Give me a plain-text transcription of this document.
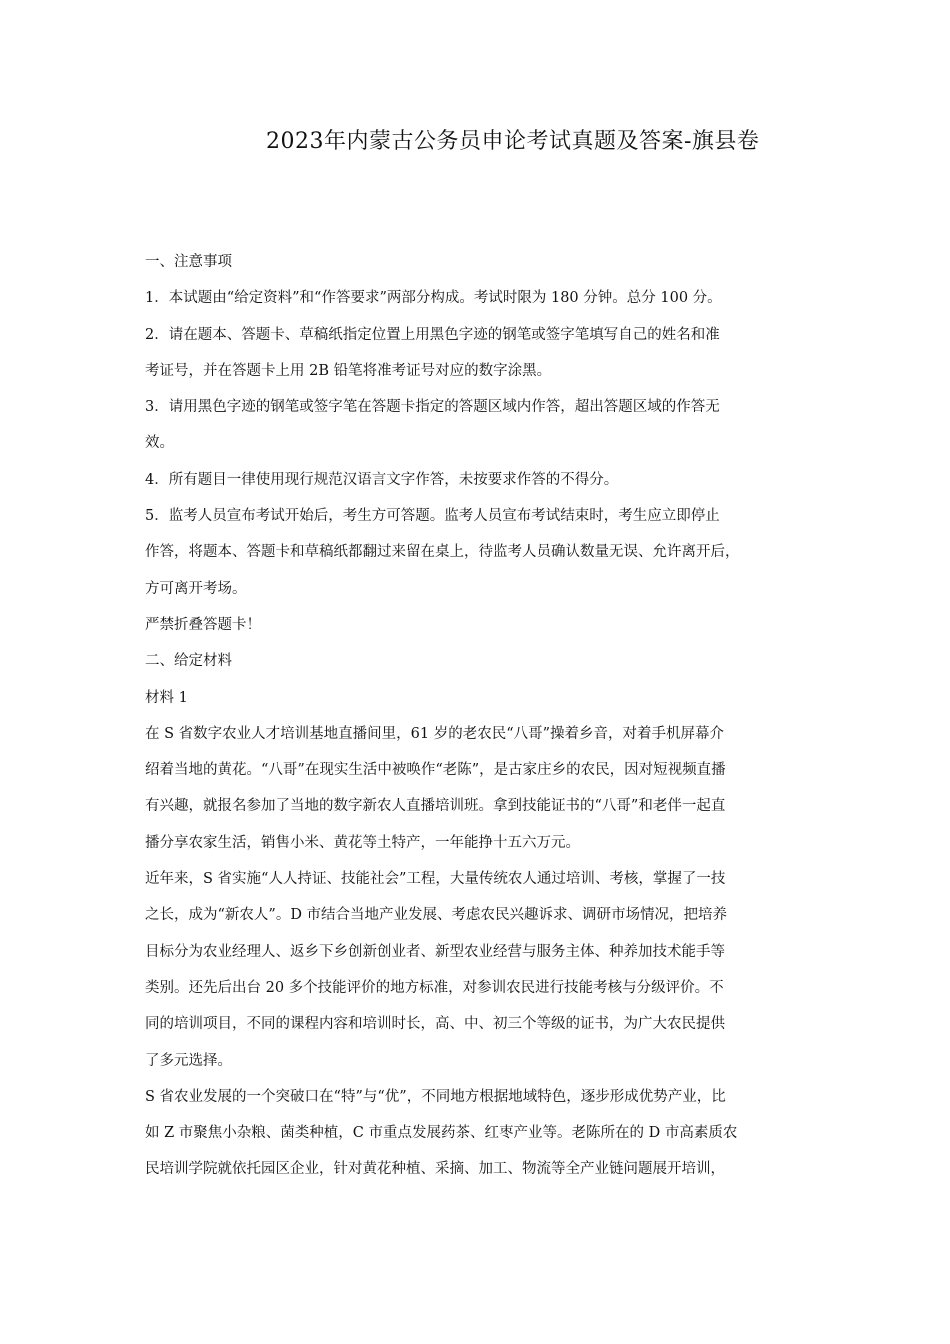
2023年内蒙古公务员申论考试真题及答案-旗县卷
一、注意事项
1．本试题由“给定资料”和“作答要求”两部分构成。考试时限为 180 分钟。总分 100 分。
2．请在题本、答题卡、草稿纸指定位置上用黑色字迹的钢笔或签字笔填写自己的姓名和准
考证号，并在答题卡上用 2B 铅笔将准考证号对应的数字涂黑。
3．请用黑色字迹的钢笔或签字笔在答题卡指定的答题区域内作答，超出答题区域的作答无
效。
4．所有题目一律使用现行规范汉语言文字作答，未按要求作答的不得分。
5．监考人员宣布考试开始后，考生方可答题。监考人员宣布考试结束时，考生应立即停止
作答，将题本、答题卡和草稿纸都翻过来留在桌上，待监考人员确认数量无误、允许离开后，
方可离开考场。
严禁折叠答题卡！
二、给定材料
材料 1
在 S 省数字农业人才培训基地直播间里，61 岁的老农民“八哥”操着乡音，对着手机屏幕介
绍着当地的黄花。“八哥”在现实生活中被唤作“老陈”，是古家庄乡的农民，因对短视频直播
有兴趣，就报名参加了当地的数字新农人直播培训班。拿到技能证书的“八哥”和老伴一起直
播分享农家生活，销售小米、黄花等土特产，一年能挣十五六万元。
近年来，S 省实施“人人持证、技能社会”工程，大量传统农人通过培训、考核，掌握了一技
之长，成为“新农人”。D 市结合当地产业发展、考虑农民兴趣诉求、调研市场情况，把培养
目标分为农业经理人、返乡下乡创新创业者、新型农业经营与服务主体、种养加技术能手等
类别。还先后出台 20 多个技能评价的地方标准，对参训农民进行技能考核与分级评价。不
同的培训项目，不同的课程内容和培训时长，高、中、初三个等级的证书，为广大农民提供
了多元选择。
S 省农业发展的一个突破口在“特”与“优”，不同地方根据地域特色，逐步形成优势产业，比
如 Z 市聚焦小杂粮、菌类种植，C 市重点发展药茶、红枣产业等。老陈所在的 D 市高素质农
民培训学院就依托园区企业，针对黄花种植、采摘、加工、物流等全产业链问题展开培训，
